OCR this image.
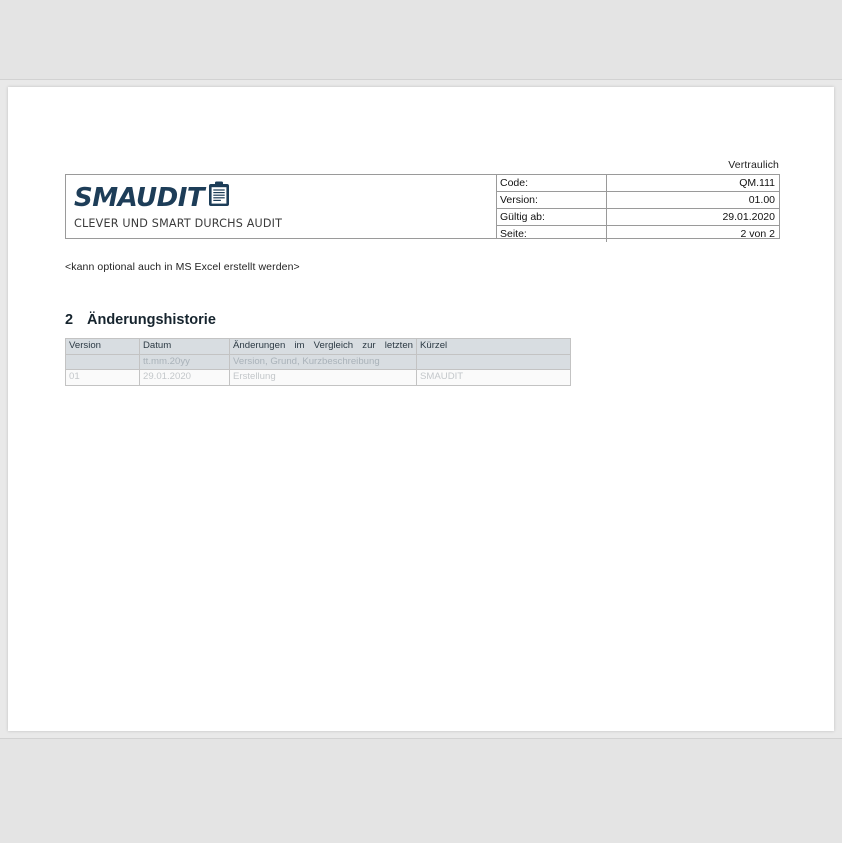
Vertraulich
SMAUDIT
CLEVER UND SMART DURCHS AUDIT
Code:	QM.111
Version:	01.00
Gültig ab:	29.01.2020
Seite:	2 von 2
<kann optional auch in MS Excel erstellt werden>
2 Änderungshistorie
Version	Datum	Änderungen im Vergleich zur letzten	Kürzel
	tt.mm.20yy	Version, Grund, Kurzbeschreibung	
01	29.01.2020	Erstellung	SMAUDIT
